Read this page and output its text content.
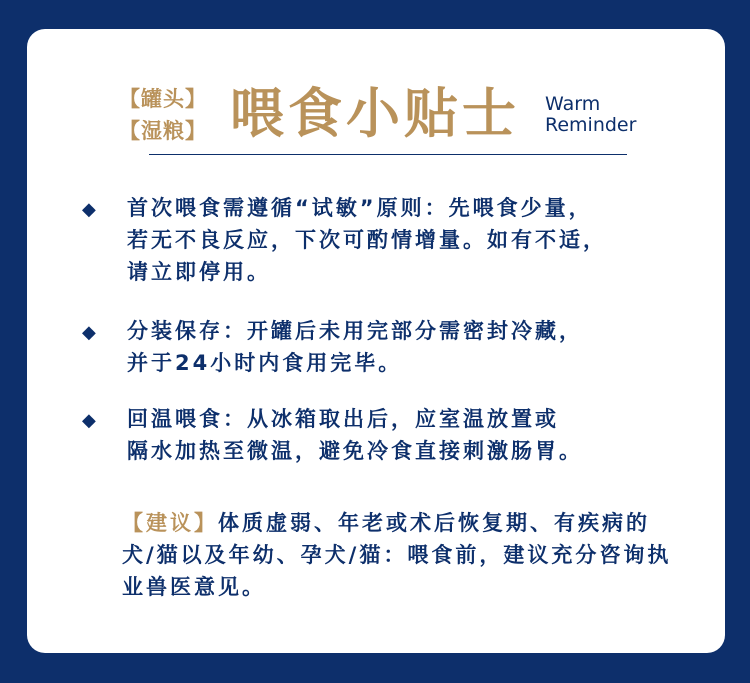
【罐头】
【湿粮】 喂食小贴士 Warm
Reminder
◆ 首次喂食需遵循“试敏”原则：先喂食少量，
若无不良反应，下次可酌情增量。如有不适，
请立即停用。
◆ 分装保存：开罐后未用完部分需密封冷藏，
并于24小时内食用完毕。
◆ 回温喂食：从冰箱取出后，应室温放置或
隔水加热至微温，避免冷食直接刺激肠胃。
【建议】体质虚弱、年老或术后恢复期、有疾病的犬/猫以及年幼、孕犬/猫：喂食前，建议充分咨询执业兽医意见。
